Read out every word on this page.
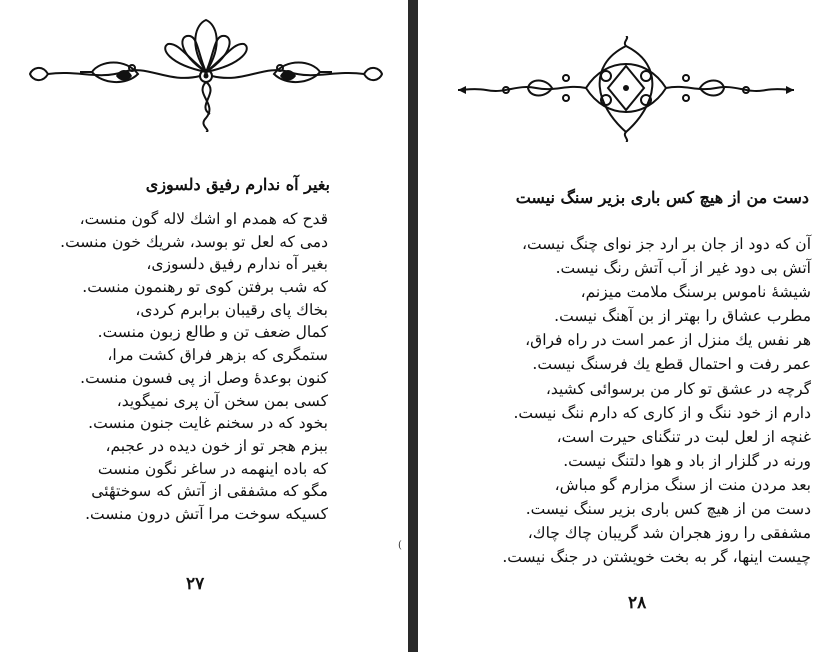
بغیر آه ندارم رفیق دلسوزی
قدح که همدم او اشك لاله گون منست،
دمی که لعل تو بوسد، شریك خون منست.
بغیر آه ندارم رفیق دلسوزی،
که شب برفتن کوی تو رهنمون منست.
بخاك پای رقیبان برابرم کردی،
کمال ضعف تن و طالع زبون منست.
ستمگری که بزهر فراق کشت مرا،
کنون بوعدهٔ وصل از پی فسون منست.
کسی بمن سخن آن پری نمیگوید،
بخود که در سخنم غایت جنون منست.
ببزم هجر تو از خون دیده در عجبم،
که باده اینهمه در ساغر نگون منست
مگو که مشفقی از آتش که سوختهٔئی
کسیکه سوخت مرا آتش درون منست.
۲۷
دست من از هیچ کس باری بزیر سنگ نیست
آن که دود از جان بر ارد جز نوای چنگ نیست،
آتش بی دود غیر از آب آتش رنگ نیست.
شیشهٔ ناموس برسنگ ملامت میزنم،
مطرب عشاق را بهتر از بن آهنگ نیست.
هر نفس یك منزل از عمر است در راه فراق،
عمر رفت و احتمال قطع یك فرسنگ نیست.
گرچه در عشق تو کار من برسوائی کشید،
دارم از خود ننگ و از کاری که دارم ننگ نیست.
غنچه از لعل لبت در تنگنای حیرت است،
ورنه در گلزار از باد و هوا دلتنگ نیست.
بعد مردن منت از سنگ مزارم گو مباش،
دست من از هیچ کس باری بزیر سنگ نیست.
مشفقی را روز هجران شد گریبان چاك چاك،
چیست اینها، گر به بخت خویشتن در جنگ نیست.
(
۲۸
